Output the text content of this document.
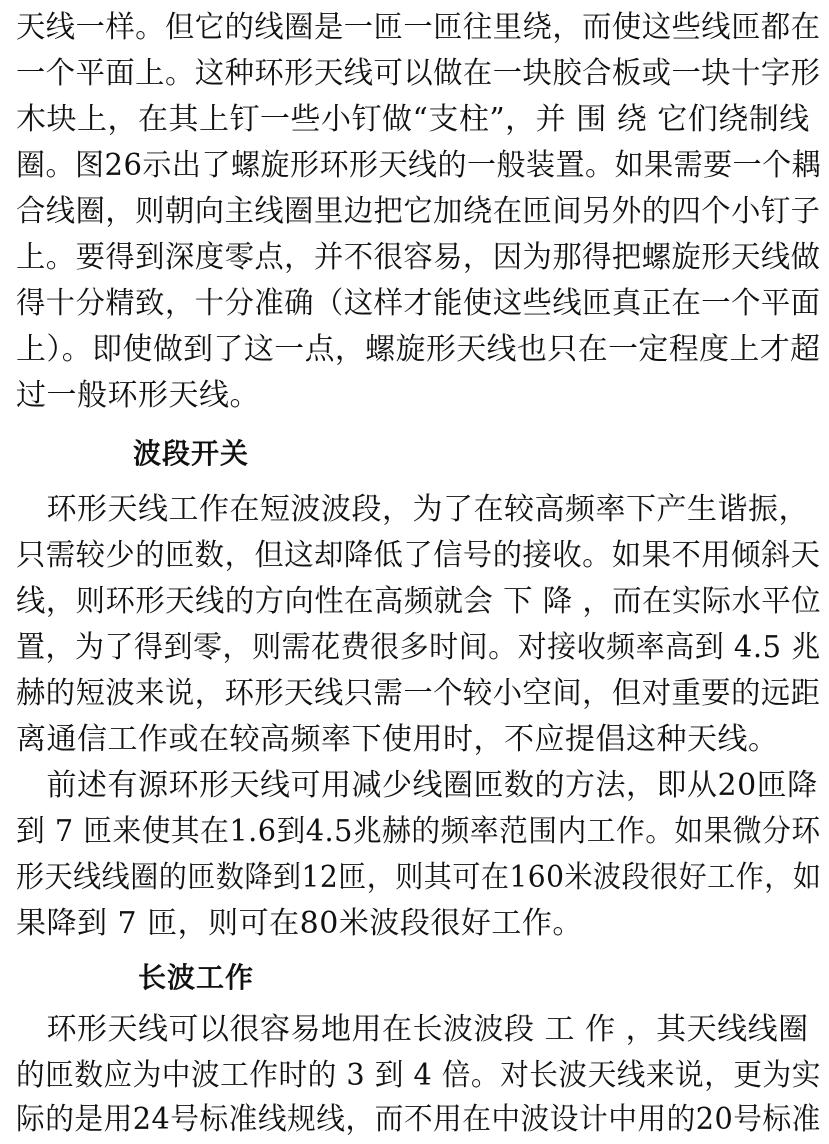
天线一样。但它的线圈是一匝一匝往里绕，而使这些线匝都在
一个平面上。这种环形天线可以做在一块胶合板或一块十字形
木块上，在其上钉一些小钉做“支柱”，并 围 绕 它们绕制线
圈。图26示出了螺旋形环形天线的一般装置。如果需要一个耦
合线圈，则朝向主线圈里边把它加绕在匝间另外的四个小钉子
上。要得到深度零点，并不很容易，因为那得把螺旋形天线做
得十分精致，十分准确（这样才能使这些线匝真正在一个平面
上）。即使做到了这一点，螺旋形天线也只在一定程度上才超
过一般环形天线。
波段开关
　环形天线工作在短波波段，为了在较高频率下产生谐振，
只需较少的匝数，但这却降低了信号的接收。如果不用倾斜天
线，则环形天线的方向性在高频就会 下 降 ，而在实际水平位
置，为了得到零，则需花费很多时间。对接收频率高到 4.5 兆
赫的短波来说，环形天线只需一个较小空间，但对重要的远距
离通信工作或在较高频率下使用时，不应提倡这种天线。
　前述有源环形天线可用减少线圈匝数的方法，即从20匝降
到 7 匝来使其在1.6到4.5兆赫的频率范围内工作。如果微分环
形天线线圈的匝数降到12匝，则其可在160米波段很好工作，如
果降到 7 匝，则可在80米波段很好工作。
长波工作
　环形天线可以很容易地用在长波波段 工 作 ，其天线线圈
的匝数应为中波工作时的 3 到 4 倍。对长波天线来说，更为实
际的是用24号标准线规线，而不用在中波设计中用的20号标准
